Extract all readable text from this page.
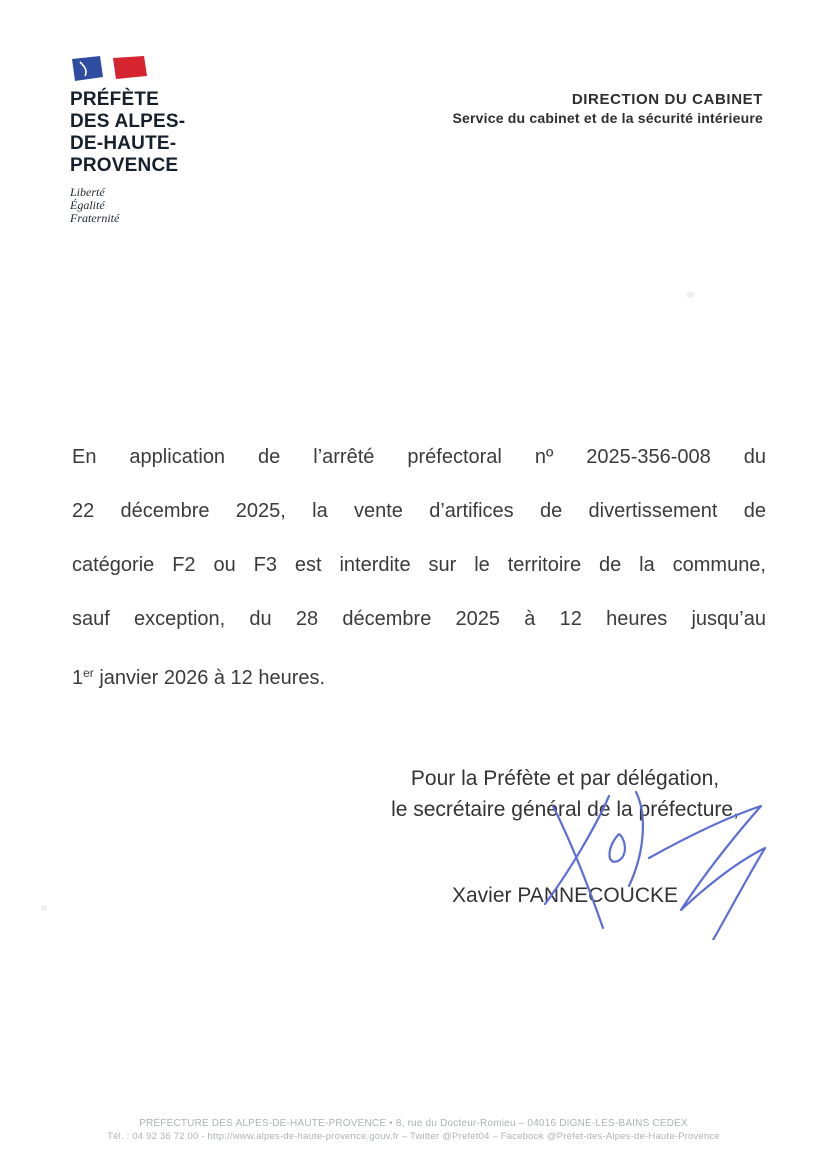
PRÉFÈTE
DES ALPES-
DE-HAUTE-
PROVENCE
Liberté
Égalité
Fraternité
DIRECTION DU CABINET
Service du cabinet et de la sécurité intérieure
En application de l’arrêté préfectoral nº 2025-356-008 du
22 décembre 2025, la vente d’artifices de divertissement de
catégorie F2 ou F3 est interdite sur le territoire de la commune,
sauf exception, du 28 décembre 2025 à 12 heures jusqu’au
1er janvier 2026 à 12 heures.
Pour la Préfète et par délégation,
le secrétaire général de la préfecture,
Xavier PANNECOUCKE
PRÉFECTURE DES ALPES-DE-HAUTE-PROVENCE • 8, rue du Docteur-Romieu – 04016 DIGNE-LES-BAINS CEDEX
Tél. : 04 92 36 72 00 - http://www.alpes-de-haute-provence.gouv.fr – Twitter @Prefet04 – Facebook @Préfet-des-Alpes-de-Haute-Provence
